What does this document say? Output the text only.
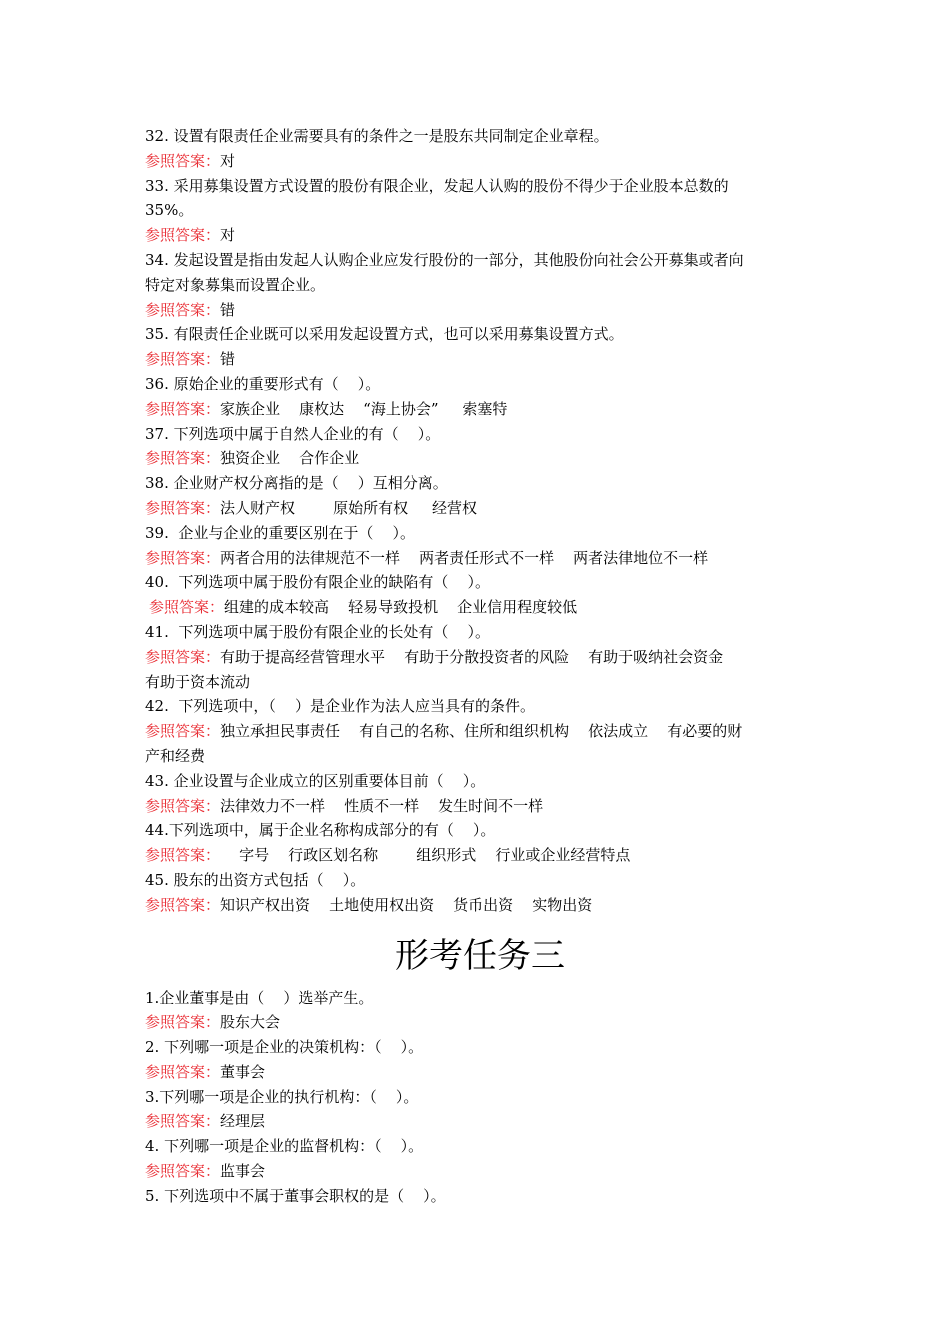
32. 设置有限责任企业需要具有的条件之一是股东共同制定企业章程。
参照答案：对
33. 采用募集设置方式设置的股份有限企业，发起人认购的股份不得少于企业股本总数的
35%。
参照答案：对
34. 发起设置是指由发起人认购企业应发行股份的一部分，其他股份向社会公开募集或者向
特定对象募集而设置企业。
参照答案：错
35. 有限责任企业既可以采用发起设置方式，也可以采用募集设置方式。
参照答案：错
36. 原始企业的重要形式有（    ）。
参照答案：家族企业    康枚达    “海上协会”     索塞特
37. 下列选项中属于自然人企业的有（    ）。
参照答案：独资企业    合作企业
38. 企业财产权分离指的是（    ）互相分离。
参照答案：法人财产权        原始所有权     经营权
39.  企业与企业的重要区别在于（    ）。
参照答案：两者合用的法律规范不一样    两者责任形式不一样    两者法律地位不一样
40.  下列选项中属于股份有限企业的缺陷有（    ）。
参照答案：组建的成本较高    轻易导致投机    企业信用程度较低
41.  下列选项中属于股份有限企业的长处有（    ）。
参照答案：有助于提高经营管理水平    有助于分散投资者的风险    有助于吸纳社会资金
有助于资本流动
42.  下列选项中，（    ）是企业作为法人应当具有的条件。
参照答案：独立承担民事责任    有自己的名称、住所和组织机构    依法成立    有必要的财
产和经费
43. 企业设置与企业成立的区别重要体目前（    ）。
参照答案：法律效力不一样    性质不一样    发生时间不一样
44.下列选项中，属于企业名称构成部分的有（    ）。
参照答案：    字号    行政区划名称        组织形式    行业或企业经营特点
45. 股东的出资方式包括（    ）。
参照答案：知识产权出资    土地使用权出资    货币出资    实物出资
形考任务三
1.企业董事是由（    ）选举产生。
参照答案：股东大会
2. 下列哪一项是企业的决策机构：（    ）。
参照答案：董事会
3.下列哪一项是企业的执行机构：（    ）。
参照答案：经理层
4. 下列哪一项是企业的监督机构：（    ）。
参照答案：监事会
5. 下列选项中不属于董事会职权的是（    ）。
